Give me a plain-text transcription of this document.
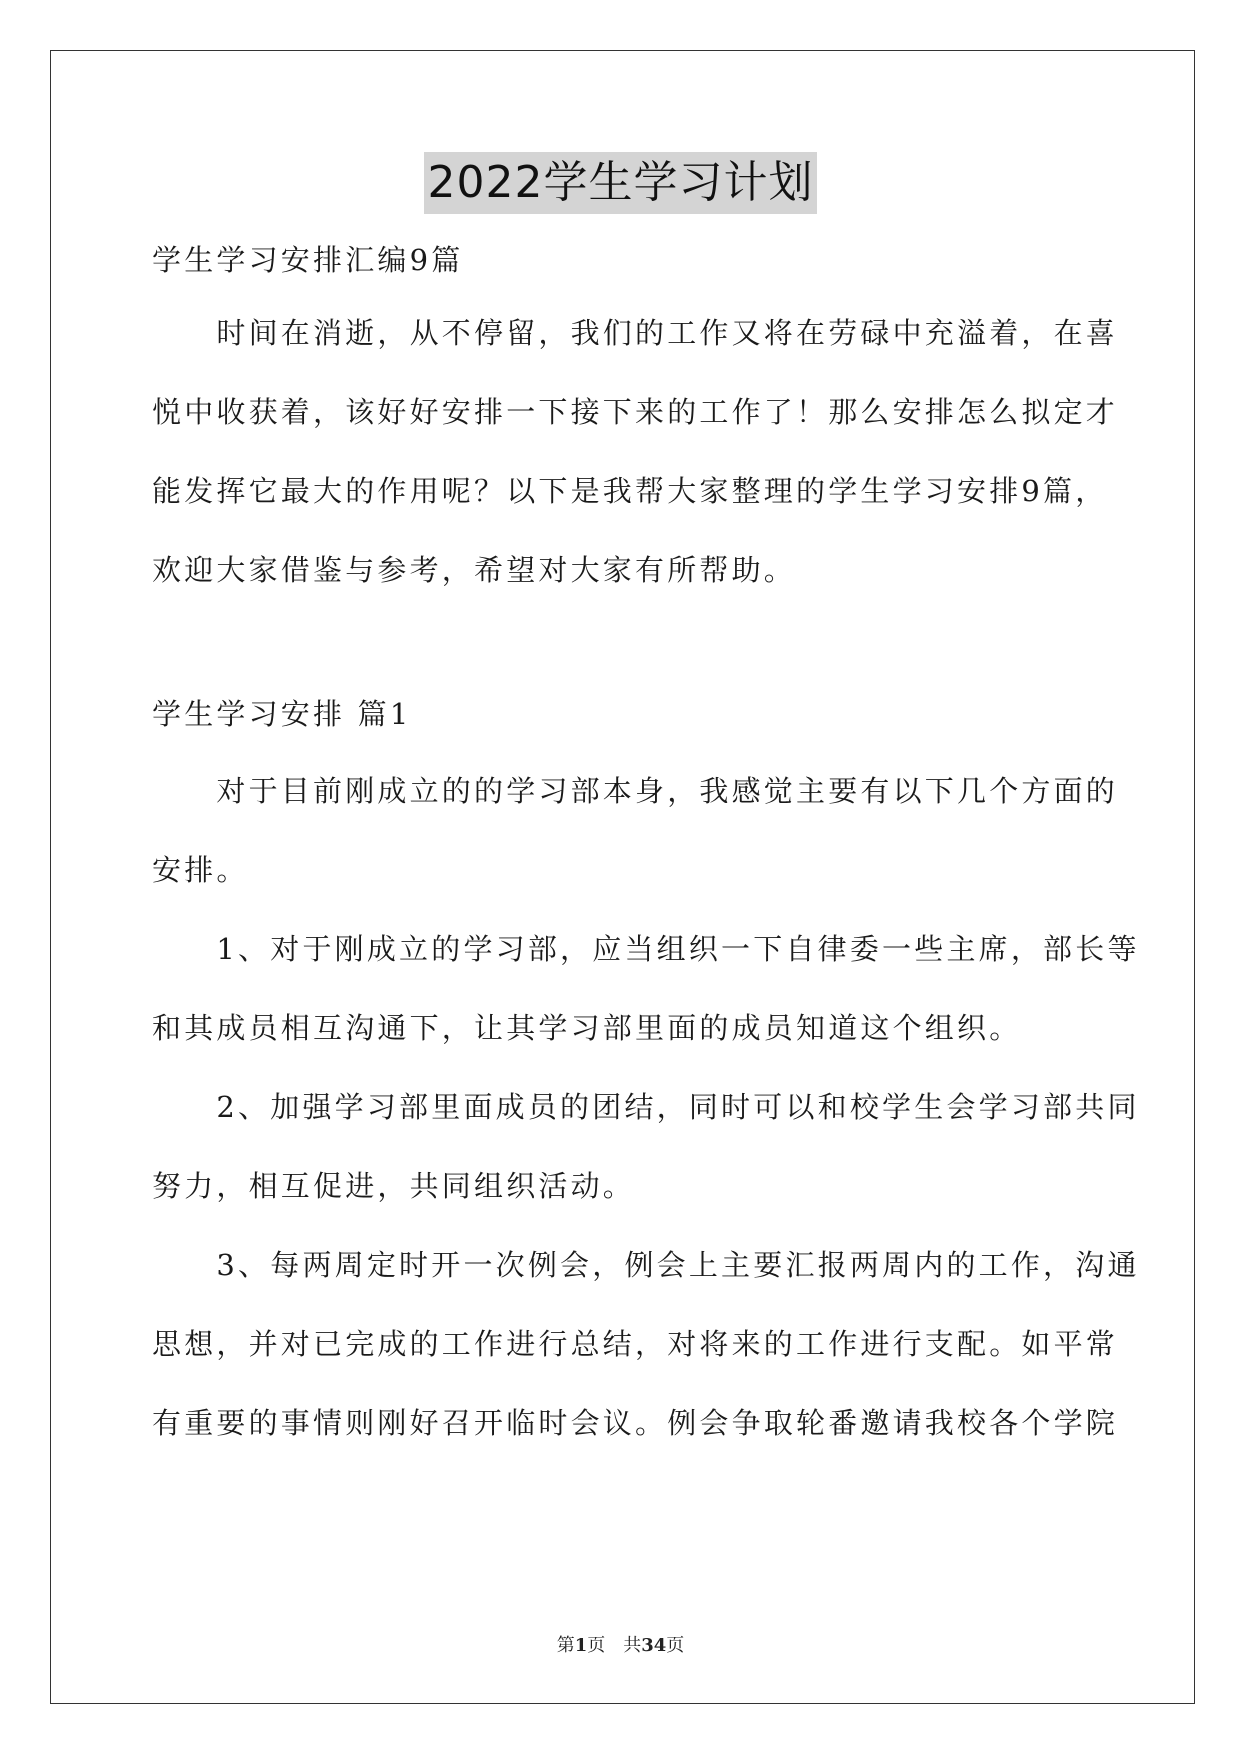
2022学生学习计划
学生学习安排汇编9篇
　　时间在消逝，从不停留，我们的工作又将在劳碌中充溢着，在喜
悦中收获着，该好好安排一下接下来的工作了！那么安排怎么拟定才
能发挥它最大的作用呢？以下是我帮大家整理的学生学习安排9篇，
欢迎大家借鉴与参考，希望对大家有所帮助。
学生学习安排 篇1
　　对于目前刚成立的的学习部本身，我感觉主要有以下几个方面的
安排。
　　1、对于刚成立的学习部，应当组织一下自律委一些主席，部长等
和其成员相互沟通下，让其学习部里面的成员知道这个组织。
　　2、加强学习部里面成员的团结，同时可以和校学生会学习部共同
努力，相互促进，共同组织活动。
　　3、每两周定时开一次例会，例会上主要汇报两周内的工作，沟通
思想，并对已完成的工作进行总结，对将来的工作进行支配。如平常
有重要的事情则刚好召开临时会议。例会争取轮番邀请我校各个学院
第1页　共34页
